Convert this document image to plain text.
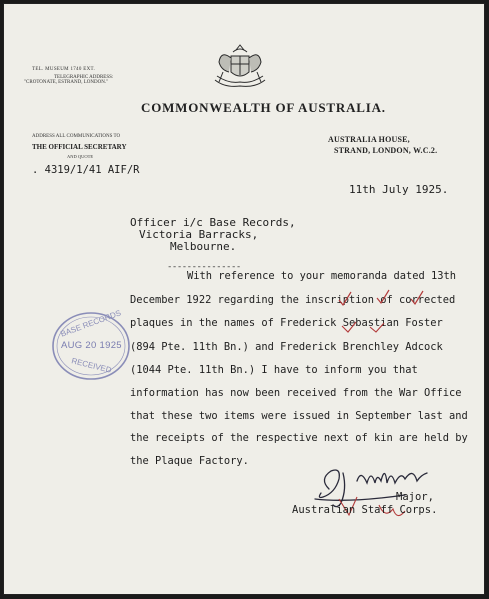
TEL. MUSEUM 1740 EXT.
TELEGRAPHIC ADDRESS:
"CROTONATE, ESTRAND, LONDON."
COMMONWEALTH OF AUSTRALIA.
ADDRESS ALL COMMUNICATIONS TO
THE OFFICIAL SECRETARY
AND QUOTE
. 4319/1/41 AIF/R
AUSTRALIA HOUSE,
STRAND, LONDON, W.C.2.
11th July 1925.
Officer i/c Base Records,
Victoria Barracks,
Melbourne.
---------------
With reference to your memoranda dated 13th
December 1922 regarding the inscription of corrected
plaques in the names of Frederick Sebastian Foster
(894 Pte. 11th Bn.) and Frederick Brenchley Adcock
(1044 Pte. 11th Bn.) I have to inform you that
information has now been received from the War Office
that these two items were issued in September last and
the receipts of the respective next of kin are held by
the Plaque Factory.
BASE RECORDS
AUG 20 1925
RECEIVED
Major,
Australian Staff Corps.
